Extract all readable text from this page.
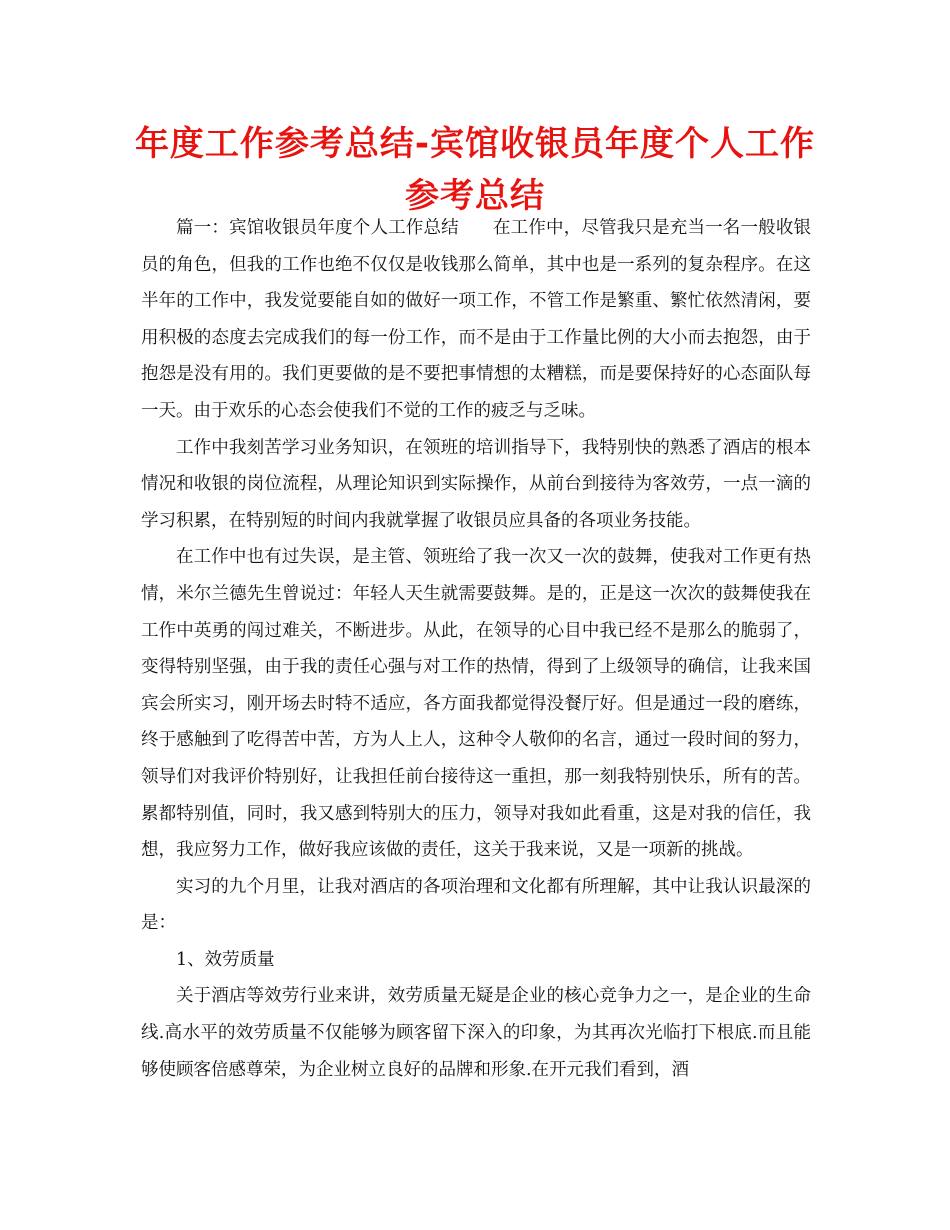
年度工作参考总结-宾馆收银员年度个人工作参考总结

篇一：宾馆收银员年度个人工作总结 在工作中，尽管我只是充当一名一般收银员的角色，但我的工作也绝不仅仅是收钱那么简单，其中也是一系列的复杂程序。在这半年的工作中，我发觉要能自如的做好一项工作，不管工作是繁重、繁忙依然清闲，要用积极的态度去完成我们的每一份工作，而不是由于工作量比例的大小而去抱怨，由于抱怨是没有用的。我们更要做的是不要把事情想的太糟糕，而是要保持好的心态面队每一天。由于欢乐的心态会使我们不觉的工作的疲乏与乏味。

工作中我刻苦学习业务知识，在领班的培训指导下，我特别快的熟悉了酒店的根本情况和收银的岗位流程，从理论知识到实际操作，从前台到接待为客效劳，一点一滴的学习积累，在特别短的时间内我就掌握了收银员应具备的各项业务技能。

在工作中也有过失误，是主管、领班给了我一次又一次的鼓舞，使我对工作更有热情，米尔兰德先生曾说过：年轻人天生就需要鼓舞。是的，正是这一次次的鼓舞使我在工作中英勇的闯过难关，不断进步。从此，在领导的心目中我已经不是那么的脆弱了，变得特别坚强，由于我的责任心强与对工作的热情，得到了上级领导的确信，让我来国宾会所实习，刚开场去时特不适应，各方面我都觉得没餐厅好。但是通过一段的磨练，终于感触到了吃得苦中苦，方为人上人，这种令人敬仰的名言，通过一段时间的努力，领导们对我评价特别好，让我担任前台接待这一重担，那一刻我特别快乐，所有的苦。累都特别值，同时，我又感到特别大的压力，领导对我如此看重，这是对我的信任，我想，我应努力工作，做好我应该做的责任，这关于我来说，又是一项新的挑战。

实习的九个月里，让我对酒店的各项治理和文化都有所理解，其中让我认识最深的是：

1、效劳质量

关于酒店等效劳行业来讲，效劳质量无疑是企业的核心竞争力之一，是企业的生命线.高水平的效劳质量不仅能够为顾客留下深入的印象，为其再次光临打下根底.而且能够使顾客倍感尊荣，为企业树立良好的品牌和形象.在开元我们看到，酒
